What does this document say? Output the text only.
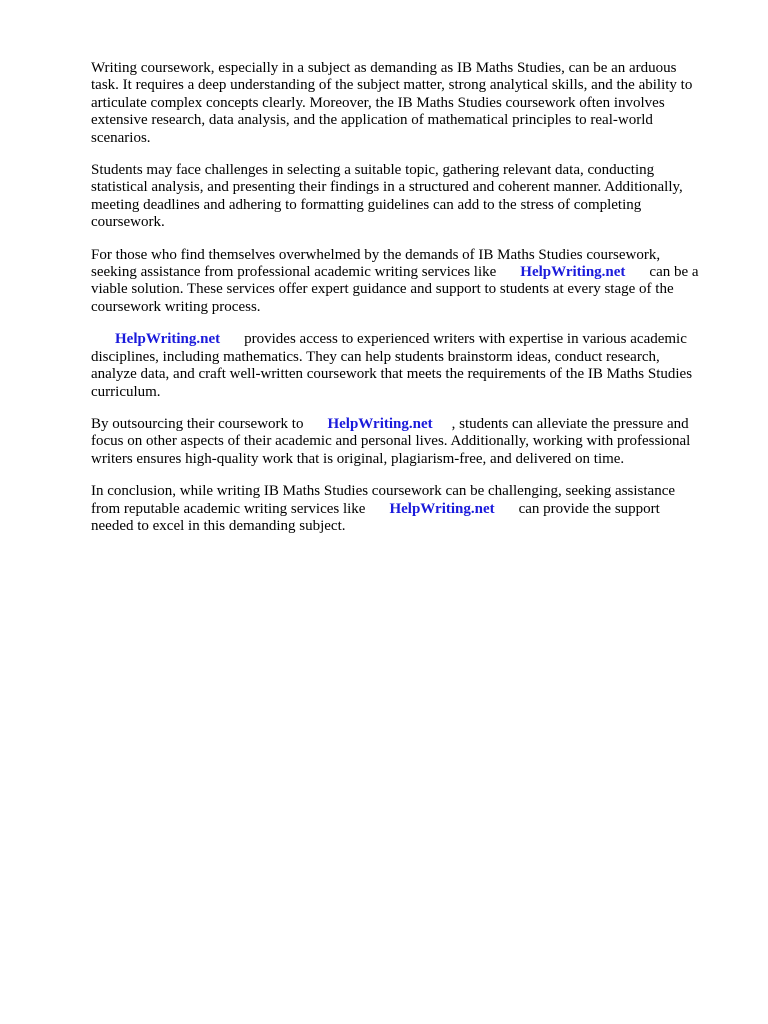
Writing coursework, especially in a subject as demanding as IB Maths Studies, can be an arduous
task. It requires a deep understanding of the subject matter, strong analytical skills, and the ability to
articulate complex concepts clearly. Moreover, the IB Maths Studies coursework often involves
extensive research, data analysis, and the application of mathematical principles to real-world
scenarios.

Students may face challenges in selecting a suitable topic, gathering relevant data, conducting
statistical analysis, and presenting their findings in a structured and coherent manner. Additionally,
meeting deadlines and adhering to formatting guidelines can add to the stress of completing
coursework.

For those who find themselves overwhelmed by the demands of IB Maths Studies coursework,
seeking assistance from professional academic writing services like HelpWriting.net can be a
viable solution. These services offer expert guidance and support to students at every stage of the
coursework writing process.

HelpWriting.net provides access to experienced writers with expertise in various academic
disciplines, including mathematics. They can help students brainstorm ideas, conduct research,
analyze data, and craft well-written coursework that meets the requirements of the IB Maths Studies
curriculum.

By outsourcing their coursework to HelpWriting.net , students can alleviate the pressure and
focus on other aspects of their academic and personal lives. Additionally, working with professional
writers ensures high-quality work that is original, plagiarism-free, and delivered on time.

In conclusion, while writing IB Maths Studies coursework can be challenging, seeking assistance
from reputable academic writing services like HelpWriting.net can provide the support
needed to excel in this demanding subject.
